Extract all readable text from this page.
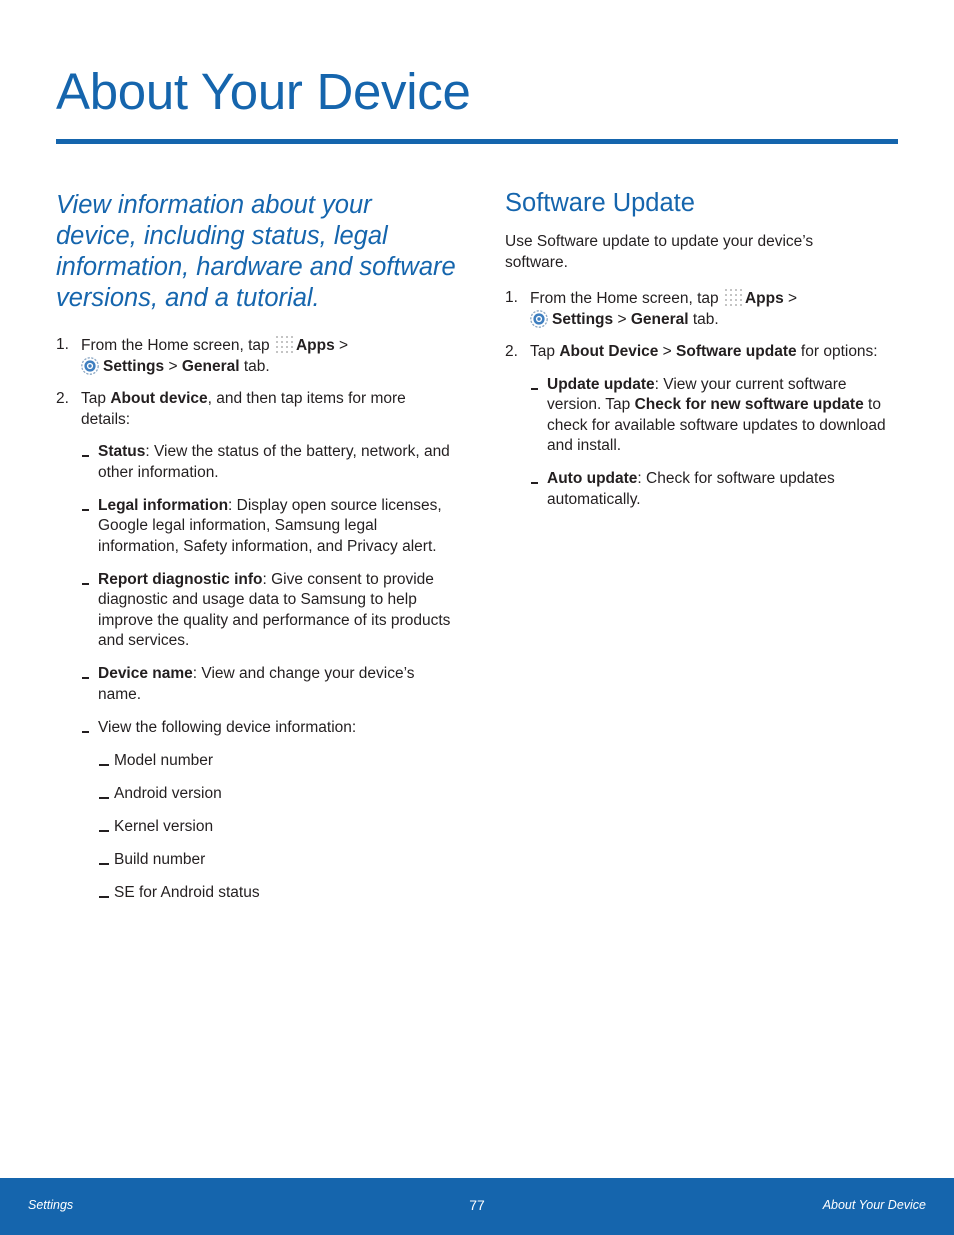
About Your Device

View information about your device, including status, legal information, hardware and software versions, and a tutorial.

1. From the Home screen, tap Apps >
Settings > General tab.
2. Tap About device, and then tap items for more details:
Status: View the status of the battery, network, and other information.
Legal information: Display open source licenses, Google legal information, Samsung legal information, Safety information, and Privacy alert.
Report diagnostic info: Give consent to provide diagnostic and usage data to Samsung to help improve the quality and performance of its products and services.
Device name: View and change your device’s name.
View the following device information:
Model number
Android version
Kernel version
Build number
SE for Android status
Software Update

Use Software update to update your device’s software.

1. From the Home screen, tap Apps >
Settings > General tab.
2. Tap About Device > Software update for options:
Update update: View your current software version. Tap Check for new software update to check for available software updates to download and install.
Auto update: Check for software updates automatically.
Settings	77	About Your Device
